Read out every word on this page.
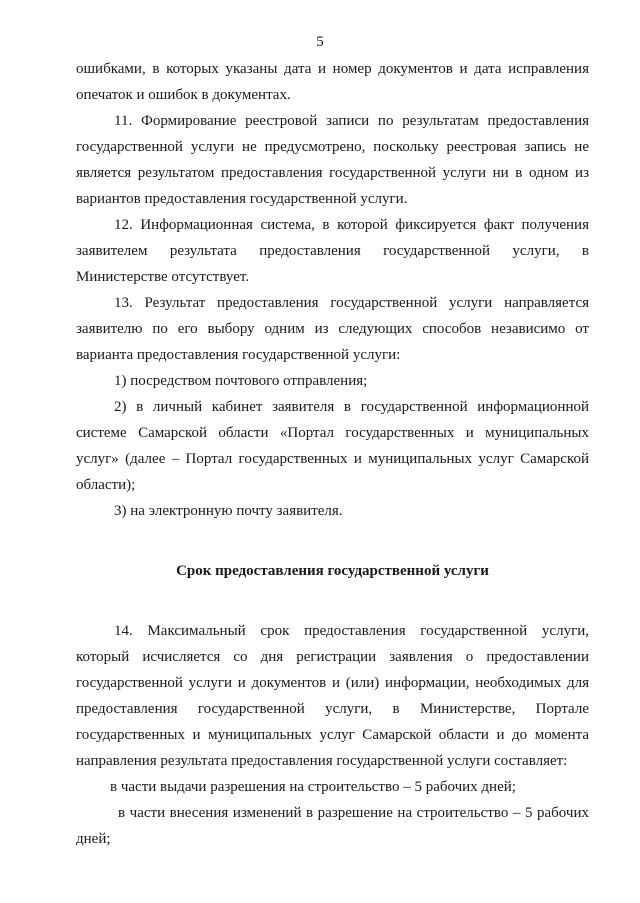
5
ошибками, в которых указаны дата и номер документов и дата исправления
опечаток и ошибок в документах.
11. Формирование реестровой записи по результатам предоставления
государственной услуги не предусмотрено, поскольку реестровая запись не
является результатом предоставления государственной услуги ни в одном из
вариантов предоставления государственной услуги.
12. Информационная система, в которой фиксируется факт получения
заявителем результата предоставления государственной услуги, в
Министерстве отсутствует.
13. Результат предоставления государственной услуги направляется
заявителю по его выбору одним из следующих способов независимо от
варианта предоставления государственной услуги:
1) посредством почтового отправления;
2) в личный кабинет заявителя в государственной информационной
системе Самарской области «Портал государственных и муниципальных
услуг» (далее – Портал государственных и муниципальных услуг Самарской
области);
3) на электронную почту заявителя.
Срок предоставления государственной услуги
14. Максимальный срок предоставления государственной услуги,
который исчисляется со дня регистрации заявления о предоставлении
государственной услуги и документов и (или) информации, необходимых для
предоставления государственной услуги, в Министерстве, Портале
государственных и муниципальных услуг Самарской области и до момента
направления результата предоставления государственной услуги составляет:
в части выдачи разрешения на строительство – 5 рабочих дней;
в части внесения изменений в разрешение на строительство – 5 рабочих
дней;
